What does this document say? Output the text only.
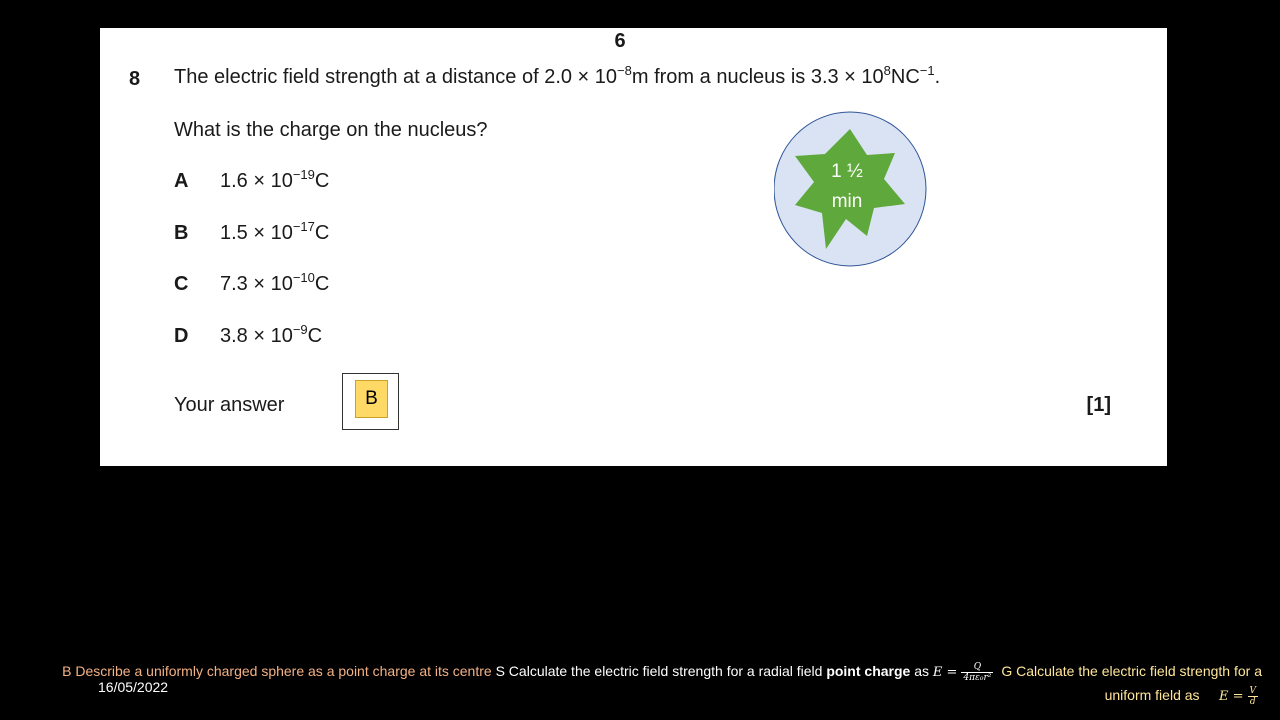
6
8 The electric field strength at a distance of $2.0 \times 10^{-8}m$ from a nucleus is $3.3 \times 10^8NC^{-1}$.
What is the charge on the nucleus?
A $1.6 \times 10^{-19}C$
B $1.5 \times 10^{-17}C$
C $7.3 \times 10^{-10}C$
D $3.8 \times 10^{-9}C$
Your answer	B	[1]
1 ½
min
B Describe a uniformly charged sphere as a point charge at its centre S Calculate the electric field strength for a radial field point charge as $E = \frac{Q}{\text{4πε₀r²}}$ G Calculate the electric field strength for a
16/05/2022
uniform field as $E = \frac{V}{d}$
